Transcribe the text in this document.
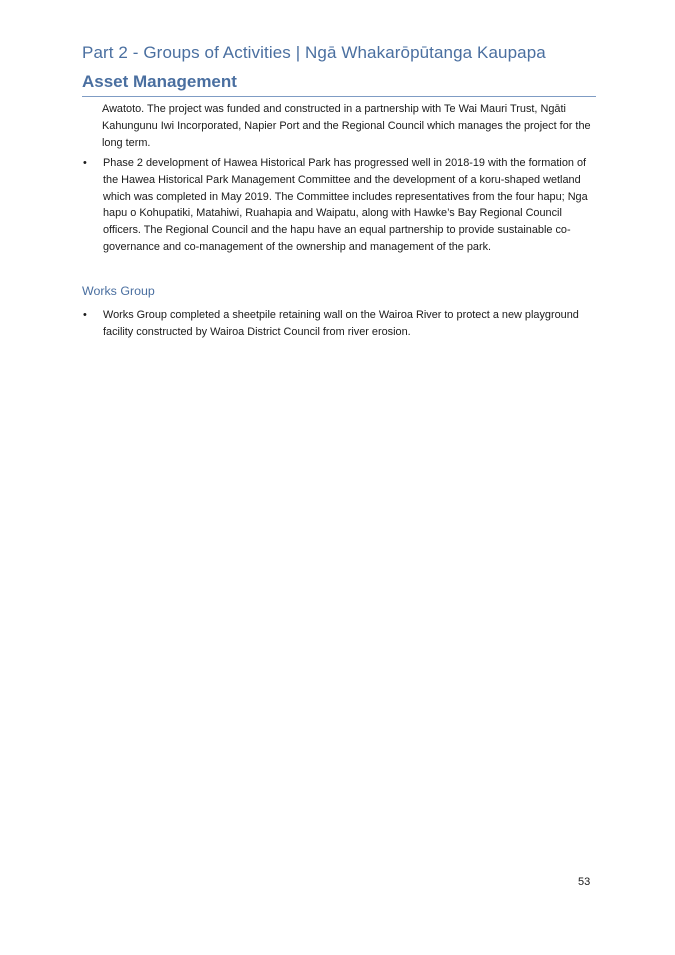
Part 2 - Groups of Activities | Ngā Whakarōpūtanga Kaupapa
Asset Management

Awatoto. The project was funded and constructed in a partnership with Te Wai Mauri Trust, Ngāti Kahungunu Iwi Incorporated, Napier Port and the Regional Council which manages the project for the long term.

•	Phase 2 development of Hawea Historical Park has progressed well in 2018-19 with the formation of the Hawea Historical Park Management Committee and the development of a koru-shaped wetland which was completed in May 2019. The Committee includes representatives from the four hapu; Nga hapu o Kohupatiki, Matahiwi, Ruahapia and Waipatu, along with Hawke’s Bay Regional Council officers. The Regional Council and the hapu have an equal partnership to provide sustainable co-governance and co-management of the ownership and management of the park.

Works Group
•	Works Group completed a sheetpile retaining wall on the Wairoa River to protect a new playground facility constructed by Wairoa District Council from river erosion.

53
